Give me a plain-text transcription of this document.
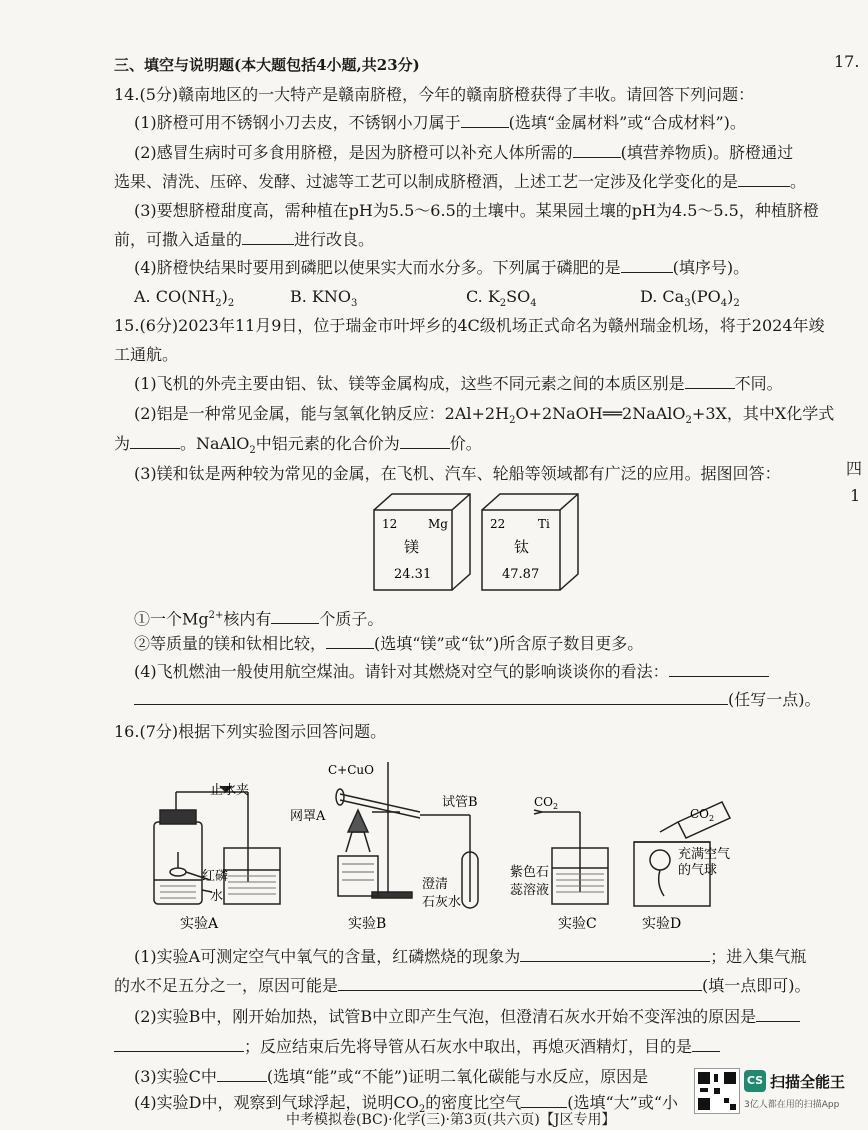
17.
三、填空与说明题(本大题包括4小题,共23分)
14.(5分)赣南地区的一大特产是赣南脐橙，今年的赣南脐橙获得了丰收。请回答下列问题：
(1)脐橙可用不锈钢小刀去皮，不锈钢小刀属于	(选填“金属材料”或“合成材料”)。
(2)感冒生病时可多食用脐橙，是因为脐橙可以补充人体所需的	(填营养物质)。脐橙通过
选果、清洗、压碎、发酵、过滤等工艺可以制成脐橙酒，上述工艺一定涉及化学变化的是	。
(3)要想脐橙甜度高，需种植在pH为5.5～6.5的土壤中。某果园土壤的pH为4.5～5.5，种植脐橙
前，可撒入适量的	进行改良。
(4)脐橙快结果时要用到磷肥以使果实大而水分多。下列属于磷肥的是	(填序号)。
A. $CO(NH_2)_2$	B. $KNO_3$	C. $K_2SO_4$	D. $Ca_3(PO_4)_2$
15.(6分)2023年11月9日，位于瑞金市叶坪乡的4C级机场正式命名为赣州瑞金机场，将于2024年竣
工通航。
(1)飞机的外壳主要由铝、钛、镁等金属构成，这些不同元素之间的本质区别是	不同。
(2)铝是一种常见金属，能与氢氧化钠反应：$2Al+2H_2O+2NaOH══2NaAlO_2+3X$，其中X化学式
为	。NaAlO$_2$中铝元素的化合价为	价。
(3)镁和钛是两种较为常见的金属，在飞机、汽车、轮船等领域都有广泛的应用。据图回答：
12	Mg
镁
24.31
22	Ti
钛
47.87
①一个$Mg^{2+}$核内有	个质子。
②等质量的镁和钛相比较，	(选填“镁”或“钛”)所含原子数目更多。
(4)飞机燃油一般使用航空煤油。请针对其燃烧对空气的影响谈谈你的看法：
(任写一点)。
四
1
16.(7分)根据下列实验图示回答问题。
止水夹
红磷
水
C+CuO
网罩A
试管B
澄清
石灰水
$CO_2$
紫色石
蕊溶液
$CO_2$
充满空气
的气球
实验A	实验B	实验C	实验D
(1)实验A可测定空气中氧气的含量，红磷燃烧的现象为	；进入集气瓶
的水不足五分之一，原因可能是	(填一点即可)。
(2)实验B中，刚开始加热，试管B中立即产生气泡，但澄清石灰水开始不变浑浊的原因是
；反应结束后先将导管从石灰水中取出，再熄灭酒精灯，目的是
(3)实验C中	(选填“能”或“不能”)证明二氧化碳能与水反应，原因是
(4)实验D中，观察到气球浮起，说明$CO_2$的密度比空气	(选填“大”或“小
中考模拟卷(BC)·化学(三)·第3页(共六页)【J区专用】
CS 扫描全能王
3亿人都在用的扫描App
